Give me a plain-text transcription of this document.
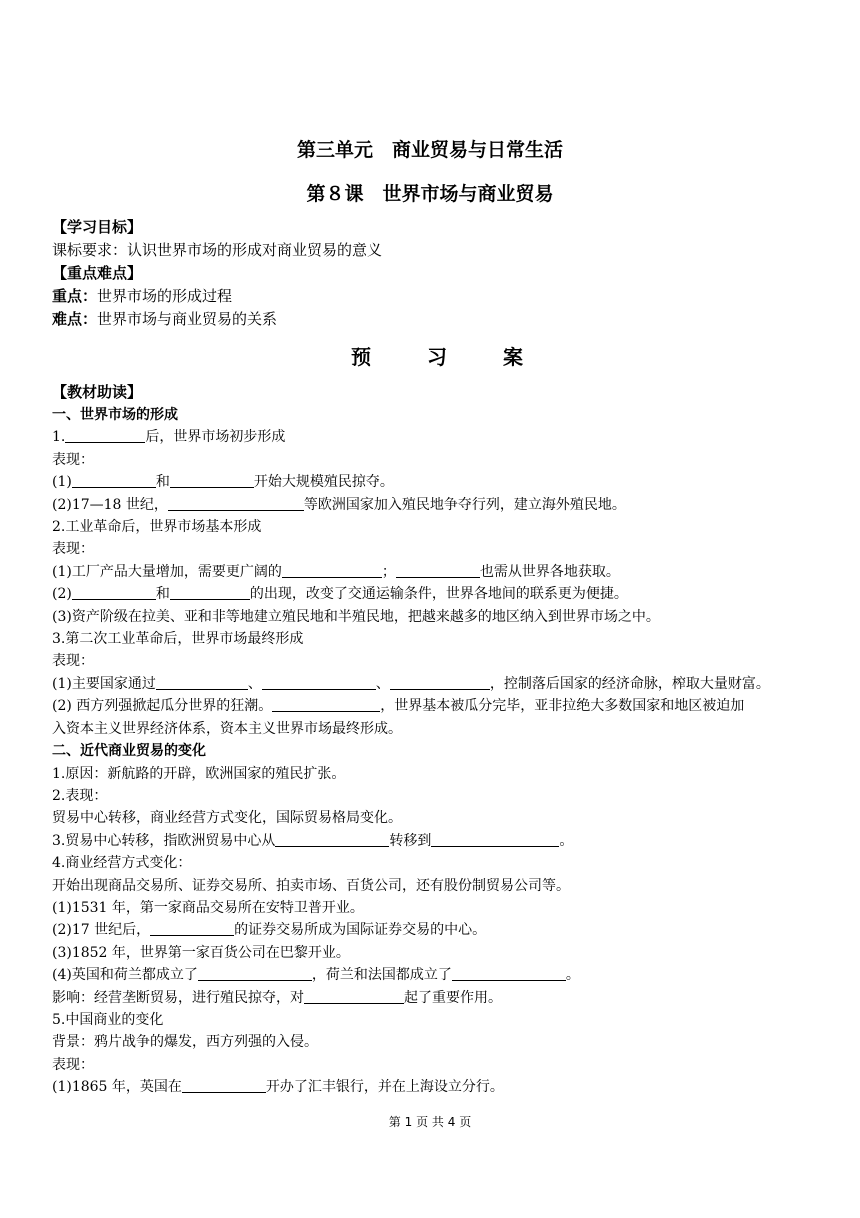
第三单元　商业贸易与日常生活
第８课　世界市场与商业贸易
【学习目标】
课标要求：认识世界市场的形成对商业贸易的意义
【重点难点】
重点：世界市场的形成过程
难点：世界市场与商业贸易的关系
预	习	案
【教材助读】
一、世界市场的形成
1.	后，世界市场初步形成
表现：
(1)	和	开始大规模殖民掠夺。
(2)17—18 世纪，	等欧洲国家加入殖民地争夺行列，建立海外殖民地。
2.工业革命后，世界市场基本形成
表现：
(1)工厂产品大量增加，需要更广阔的	；	也需从世界各地获取。
(2)	和	的出现，改变了交通运输条件，世界各地间的联系更为便捷。
(3)资产阶级在拉美、亚和非等地建立殖民地和半殖民地，把越来越多的地区纳入到世界市场之中。
3.第二次工业革命后，世界市场最终形成
表现：
(1)主要国家通过	、	、	，控制落后国家的经济命脉，榨取大量财富。
(2) 西方列强掀起瓜分世界的狂潮。	，世界基本被瓜分完毕，亚非拉绝大多数国家和地区被迫加
入资本主义世界经济体系，资本主义世界市场最终形成。
二、近代商业贸易的变化
1.原因：新航路的开辟，欧洲国家的殖民扩张。
2.表现：
贸易中心转移，商业经营方式变化，国际贸易格局变化。
3.贸易中心转移，指欧洲贸易中心从	转移到	。
4.商业经营方式变化：
开始出现商品交易所、证券交易所、拍卖市场、百货公司，还有股份制贸易公司等。
(1)1531 年，第一家商品交易所在安特卫普开业。
(2)17 世纪后，	的证券交易所成为国际证券交易的中心。
(3)1852 年，世界第一家百货公司在巴黎开业。
(4)英国和荷兰都成立了	，荷兰和法国都成立了	。
影响：经营垄断贸易，进行殖民掠夺，对	起了重要作用。
5.中国商业的变化
背景：鸦片战争的爆发，西方列强的入侵。
表现：
(1)1865 年，英国在	开办了汇丰银行，并在上海设立分行。
第 1 页 共 4 页
